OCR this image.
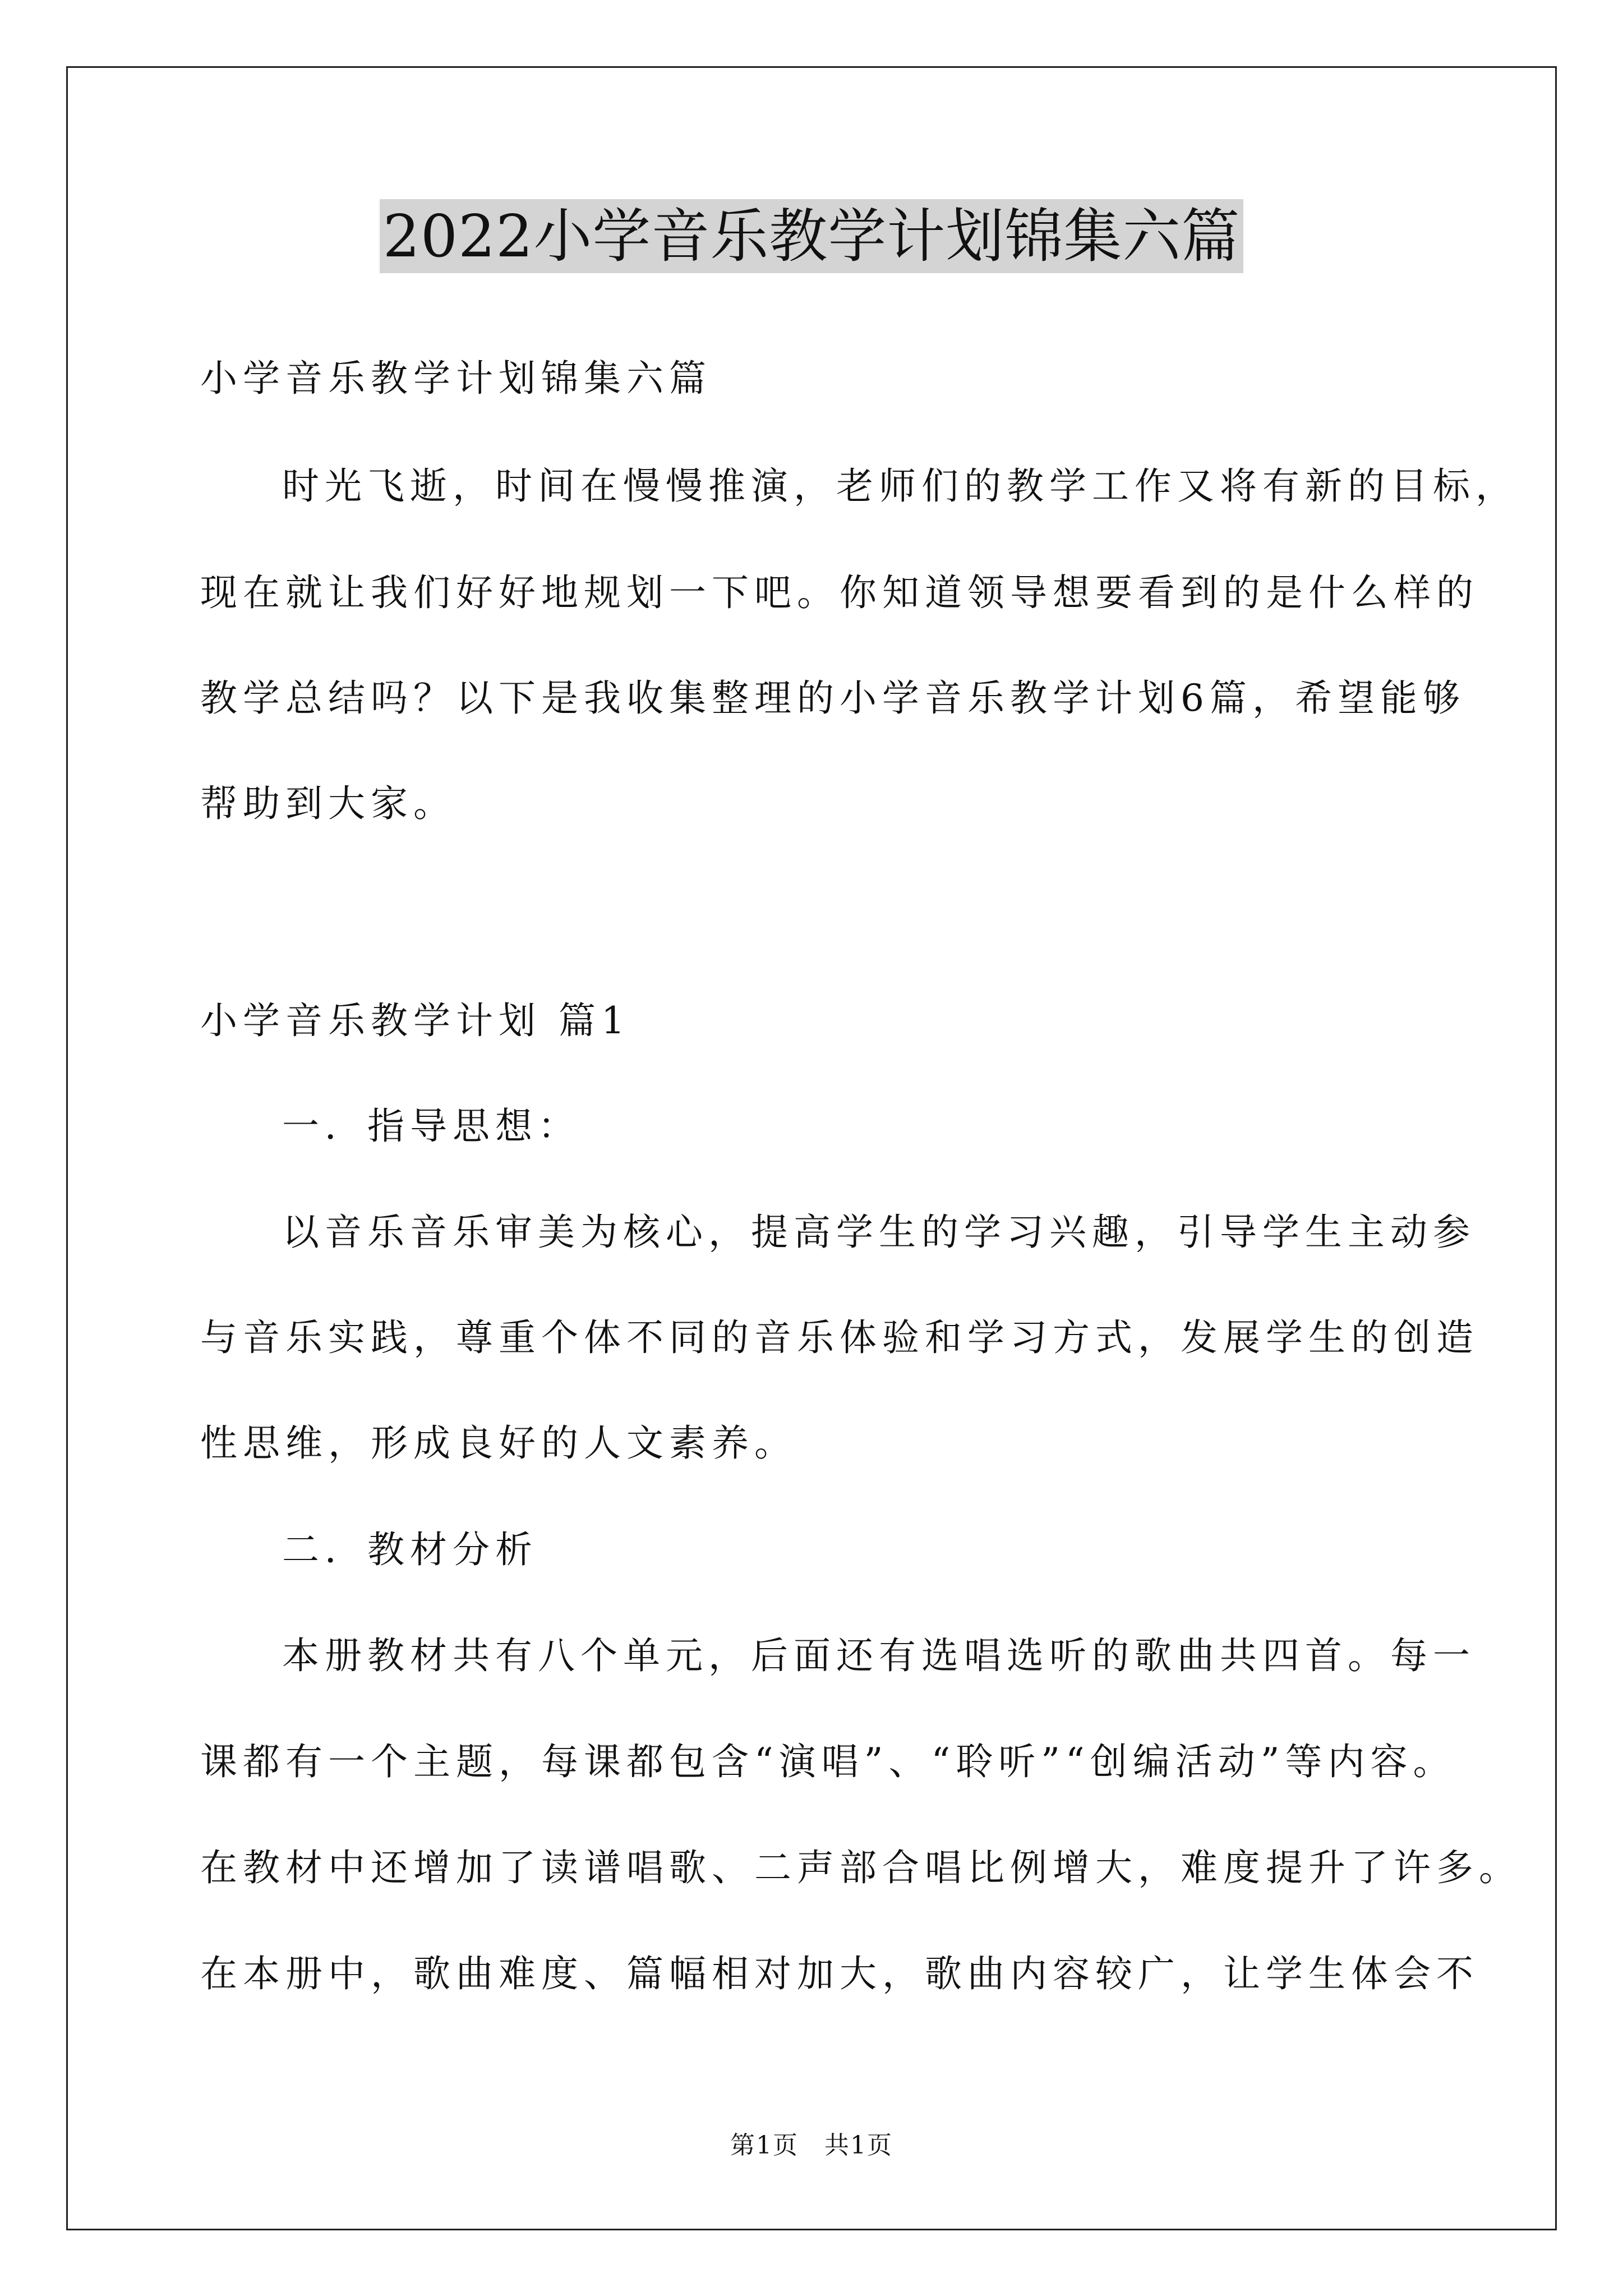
2022小学音乐教学计划锦集六篇
小学音乐教学计划锦集六篇
时光飞逝，时间在慢慢推演，老师们的教学工作又将有新的目标，
现在就让我们好好地规划一下吧。你知道领导想要看到的是什么样的
教学总结吗？以下是我收集整理的小学音乐教学计划6篇，希望能够
帮助到大家。
小学音乐教学计划 篇1
一．指导思想：
以音乐音乐审美为核心，提高学生的学习兴趣，引导学生主动参
与音乐实践，尊重个体不同的音乐体验和学习方式，发展学生的创造
性思维，形成良好的人文素养。
二．教材分析
本册教材共有八个单元，后面还有选唱选听的歌曲共四首。每一
课都有一个主题，每课都包含“演唱”、“聆听”“创编活动”等内容。
在教材中还增加了读谱唱歌、二声部合唱比例增大，难度提升了许多。
在本册中，歌曲难度、篇幅相对加大，歌曲内容较广，让学生体会不
第1页　共1页
